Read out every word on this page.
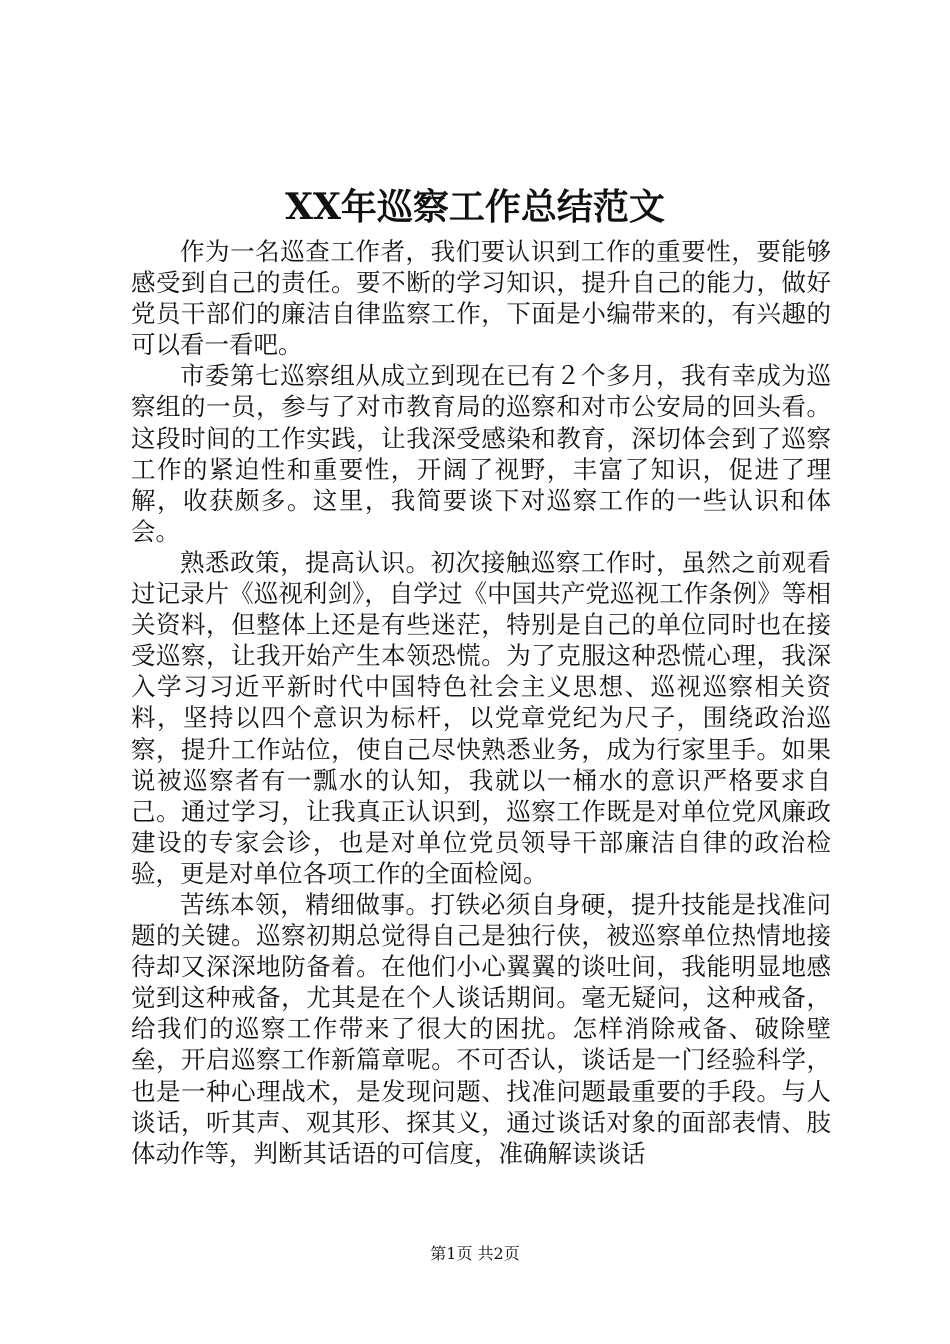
XX年巡察工作总结范文

作为一名巡查工作者，我们要认识到工作的重要性，要能够感受到自己的责任。要不断的学习知识，提升自己的能力，做好党员干部们的廉洁自律监察工作，下面是小编带来的，有兴趣的可以看一看吧。

市委第七巡察组从成立到现在已有２个多月，我有幸成为巡察组的一员，参与了对市教育局的巡察和对市公安局的回头看。这段时间的工作实践，让我深受感染和教育，深切体会到了巡察工作的紧迫性和重要性，开阔了视野，丰富了知识，促进了理解，收获颇多。这里，我简要谈下对巡察工作的一些认识和体会。

熟悉政策，提高认识。初次接触巡察工作时，虽然之前观看过记录片《巡视利剑》，自学过《中国共产党巡视工作条例》等相关资料，但整体上还是有些迷茫，特别是自己的单位同时也在接受巡察，让我开始产生本领恐慌。为了克服这种恐慌心理，我深入学习习近平新时代中国特色社会主义思想、巡视巡察相关资料，坚持以四个意识为标杆，以党章党纪为尺子，围绕政治巡察，提升工作站位，使自己尽快熟悉业务，成为行家里手。如果说被巡察者有一瓢水的认知，我就以一桶水的意识严格要求自己。通过学习，让我真正认识到，巡察工作既是对单位党风廉政建设的专家会诊，也是对单位党员领导干部廉洁自律的政治检验，更是对单位各项工作的全面检阅。

苦练本领，精细做事。打铁必须自身硬，提升技能是找准问题的关键。巡察初期总觉得自己是独行侠，被巡察单位热情地接待却又深深地防备着。在他们小心翼翼的谈吐间，我能明显地感觉到这种戒备，尤其是在个人谈话期间。毫无疑问，这种戒备，给我们的巡察工作带来了很大的困扰。怎样消除戒备、破除壁垒，开启巡察工作新篇章呢。不可否认，谈话是一门经验科学，也是一种心理战术，是发现问题、找准问题最重要的手段。与人谈话，听其声、观其形、探其义，通过谈话对象的面部表情、肢体动作等，判断其话语的可信度，准确解读谈话

第1页 共2页
